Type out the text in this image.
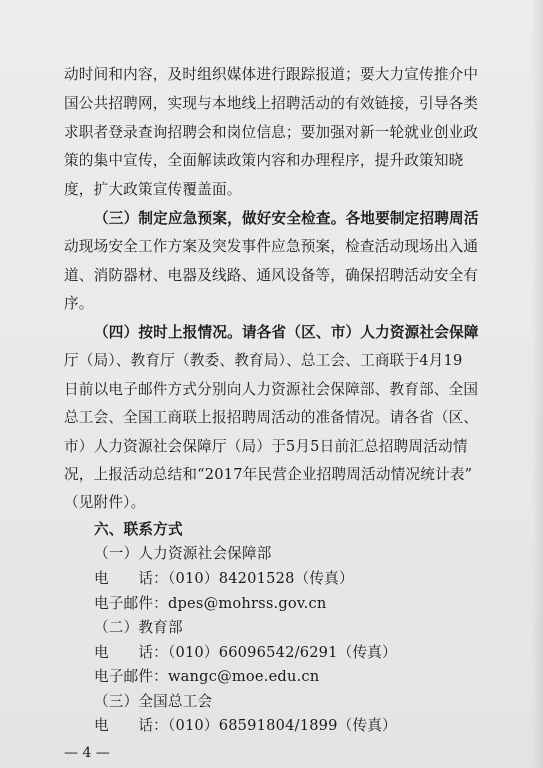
动时间和内容，及时组织媒体进行跟踪报道；要大力宣传推介中
国公共招聘网，实现与本地线上招聘活动的有效链接，引导各类
求职者登录查询招聘会和岗位信息；要加强对新一轮就业创业政
策的集中宣传，全面解读政策内容和办理程序，提升政策知晓
度，扩大政策宣传覆盖面。
（三）制定应急预案，做好安全检查。各地要制定招聘周活
动现场安全工作方案及突发事件应急预案，检查活动现场出入通
道、消防器材、电器及线路、通风设备等，确保招聘活动安全有
序。
（四）按时上报情况。请各省（区、市）人力资源社会保障
厅（局）、教育厅（教委、教育局）、总工会、工商联于4月19
日前以电子邮件方式分别向人力资源社会保障部、教育部、全国
总工会、全国工商联上报招聘周活动的准备情况。请各省（区、
市）人力资源社会保障厅（局）于5月5日前汇总招聘周活动情
况，上报活动总结和“2017年民营企业招聘周活动情况统计表”
（见附件）。
六、联系方式
（一）人力资源社会保障部
电　　话：（010）84201528（传真）
电子邮件：dpes@mohrss.gov.cn
（二）教育部
电　　话：（010）66096542/6291（传真）
电子邮件：wangc@moe.edu.cn
（三）全国总工会
电　　话：（010）68591804/1899（传真）
— 4 —
